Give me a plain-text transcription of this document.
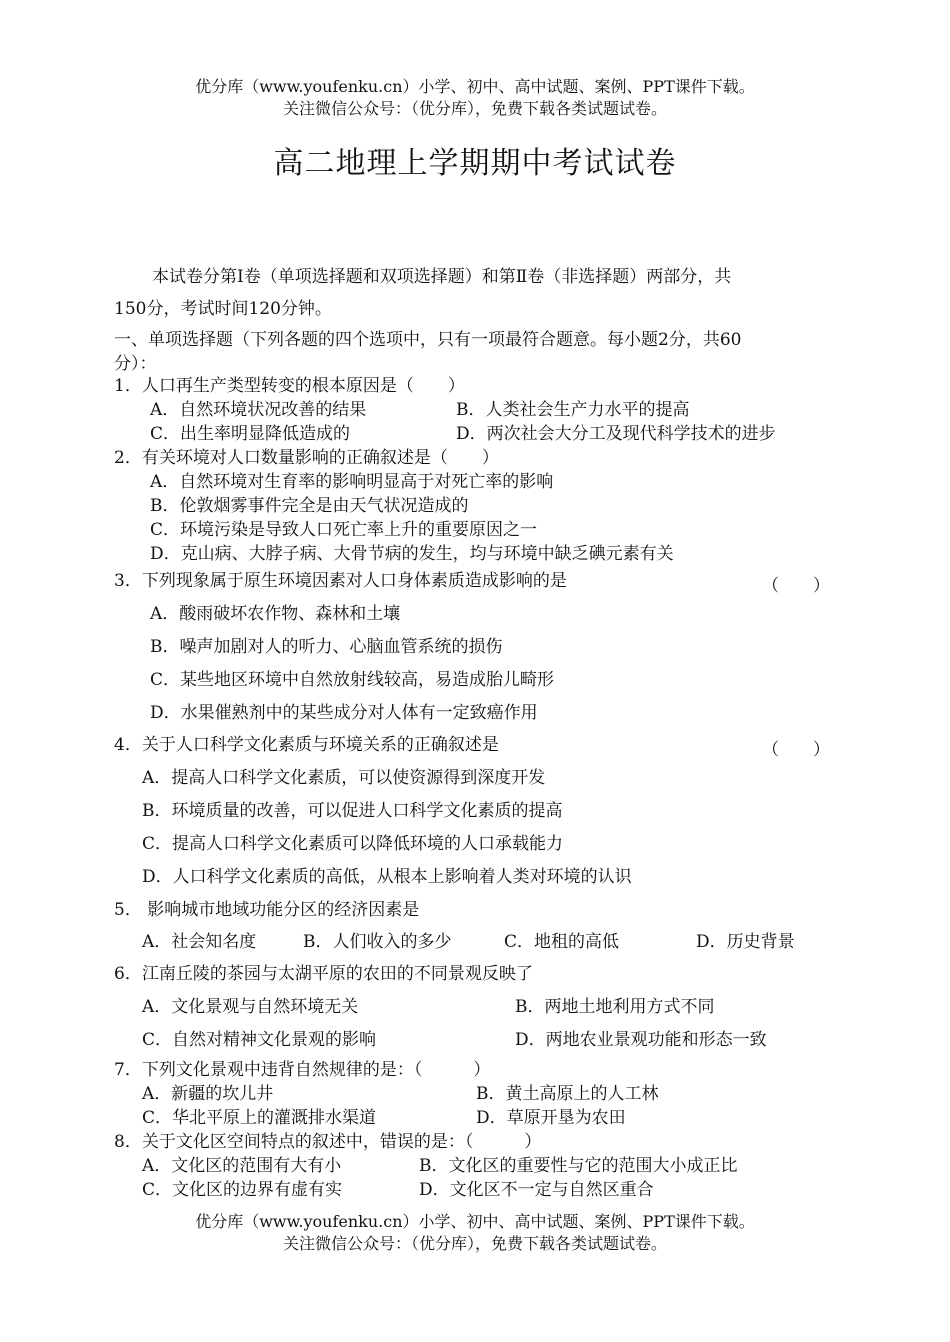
优分库（www.youfenku.cn）小学、初中、高中试题、案例、PPT课件下载。
关注微信公众号：（优分库），免费下载各类试题试卷。
高二地理上学期期中考试试卷
本试卷分第Ⅰ卷（单项选择题和双项选择题）和第Ⅱ卷（非选择题）两部分，共
150分，考试时间120分钟。
一、单项选择题（下列各题的四个选项中，只有一项最符合题意。每小题2分，共60
分）：
1．人口再生产类型转变的根本原因是（　　）
A．自然环境状况改善的结果	B．人类社会生产力水平的提高
C．出生率明显降低造成的	D．两次社会大分工及现代科学技术的进步
2．有关环境对人口数量影响的正确叙述是（　　）
A．自然环境对生育率的影响明显高于对死亡率的影响
B．伦敦烟雾事件完全是由天气状况造成的
C．环境污染是导致人口死亡率上升的重要原因之一
D．克山病、大脖子病、大骨节病的发生，均与环境中缺乏碘元素有关
3．下列现象属于原生环境因素对人口身体素质造成影响的是	（　　）
A．酸雨破坏农作物、森林和土壤
B．噪声加剧对人的听力、心脑血管系统的损伤
C．某些地区环境中自然放射线较高，易造成胎儿畸形
D．水果催熟剂中的某些成分对人体有一定致癌作用
4．关于人口科学文化素质与环境关系的正确叙述是	（　　）
A．提高人口科学文化素质，可以使资源得到深度开发
B．环境质量的改善，可以促进人口科学文化素质的提高
C．提高人口科学文化素质可以降低环境的人口承载能力
D．人口科学文化素质的高低，从根本上影响着人类对环境的认识
5． 影响城市地域功能分区的经济因素是
A．社会知名度	B．人们收入的多少	C．地租的高低	D．历史背景
6．江南丘陵的茶园与太湖平原的农田的不同景观反映了
A．文化景观与自然环境无关	B．两地土地利用方式不同
C．自然对精神文化景观的影响	D．两地农业景观功能和形态一致
7．下列文化景观中违背自然规律的是：（　　　）
A．新疆的坎儿井	B．黄土高原上的人工林
C．华北平原上的灌溉排水渠道	D．草原开垦为农田
8．关于文化区空间特点的叙述中，错误的是：（　　　）
A．文化区的范围有大有小	B．文化区的重要性与它的范围大小成正比
C．文化区的边界有虚有实	D．文化区不一定与自然区重合
优分库（www.youfenku.cn）小学、初中、高中试题、案例、PPT课件下载。
关注微信公众号：（优分库），免费下载各类试题试卷。
